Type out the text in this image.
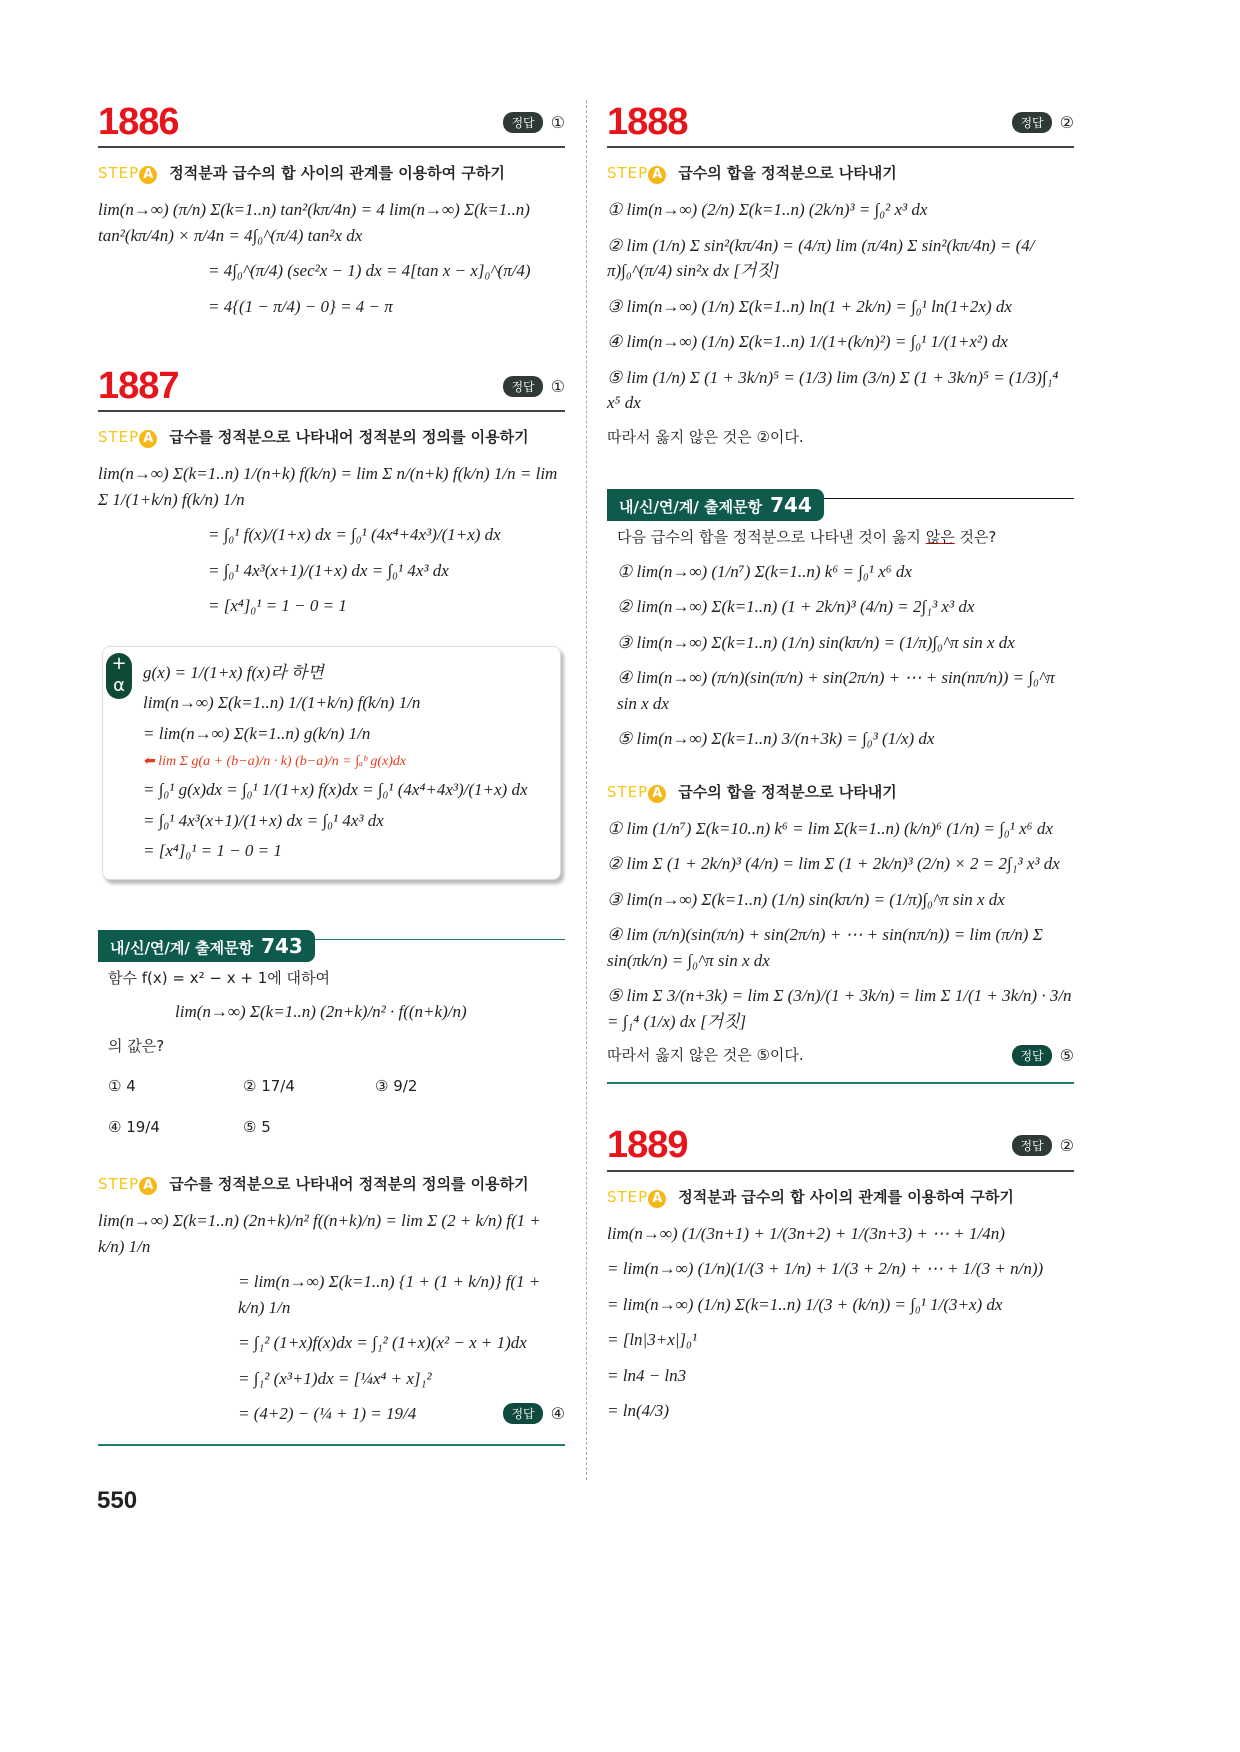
1886	정답	①
STEP A 정적분과 급수의 합 사이의 관계를 이용하여 구하기
lim(n→∞) (π/n) Σ(k=1..n) tan²(kπ/4n) = 4 lim(n→∞) Σ(k=1..n) tan²(kπ/4n) × π/4n = 4∫₀^(π/4) tan²x dx
= 4∫₀^(π/4) (sec²x − 1) dx = 4[tan x − x]₀^(π/4)
= 4{(1 − π/4) − 0} = 4 − π
1887	정답	①
STEP A 급수를 정적분으로 나타내어 정적분의 정의를 이용하기
lim(n→∞) Σ(k=1..n) 1/(n+k) f(k/n) = lim Σ n/(n+k) f(k/n) 1/n = lim Σ 1/(1+k/n) f(k/n) 1/n
= ∫₀¹ f(x)/(1+x) dx = ∫₀¹ (4x⁴+4x³)/(1+x) dx
= ∫₀¹ 4x³(x+1)/(1+x) dx = ∫₀¹ 4x³ dx
= [x⁴]₀¹ = 1 − 0 = 1
+
α
g(x) = 1/(1+x) f(x)라 하면
lim(n→∞) Σ(k=1..n) 1/(1+k/n) f(k/n) 1/n
= lim(n→∞) Σ(k=1..n) g(k/n) 1/n
⬅ lim Σ g(a + (b−a)/n · k) (b−a)/n = ∫ₐᵇ g(x)dx
= ∫₀¹ g(x)dx = ∫₀¹ 1/(1+x) f(x)dx = ∫₀¹ (4x⁴+4x³)/(1+x) dx
= ∫₀¹ 4x³(x+1)/(1+x) dx = ∫₀¹ 4x³ dx
= [x⁴]₀¹ = 1 − 0 = 1
내/신/연/계/ 출제문항 743
함수 f(x) = x² − x + 1에 대하여
lim(n→∞) Σ(k=1..n) (2n+k)/n² · f((n+k)/n)
의 값은?
① 4	② 17/4	③ 9/2
④ 19/4	⑤ 5
STEP A 급수를 정적분으로 나타내어 정적분의 정의를 이용하기
lim(n→∞) Σ(k=1..n) (2n+k)/n² f((n+k)/n) = lim Σ (2 + k/n) f(1 + k/n) 1/n
= lim(n→∞) Σ(k=1..n) {1 + (1 + k/n)} f(1 + k/n) 1/n
= ∫₁² (1+x)f(x)dx = ∫₁² (1+x)(x² − x + 1)dx
= ∫₁² (x³+1)dx = [¼x⁴ + x]₁²
= (4+2) − (¼ + 1) = 19/4	정답	④
550
1888	정답	②
STEP A 급수의 합을 정적분으로 나타내기
① lim(n→∞) (2/n) Σ(k=1..n) (2k/n)³ = ∫₀² x³ dx
② lim (1/n) Σ sin²(kπ/4n) = (4/π) lim (π/4n) Σ sin²(kπ/4n) = (4/π)∫₀^(π/4) sin²x dx [거짓]
③ lim(n→∞) (1/n) Σ(k=1..n) ln(1 + 2k/n) = ∫₀¹ ln(1+2x) dx
④ lim(n→∞) (1/n) Σ(k=1..n) 1/(1+(k/n)²) = ∫₀¹ 1/(1+x²) dx
⑤ lim (1/n) Σ (1 + 3k/n)⁵ = (1/3) lim (3/n) Σ (1 + 3k/n)⁵ = (1/3)∫₁⁴ x⁵ dx
따라서 옳지 않은 것은 ②이다.
내/신/연/계/ 출제문항 744
다음 급수의 합을 정적분으로 나타낸 것이 옳지 않은 것은?
① lim(n→∞) (1/n⁷) Σ(k=1..n) k⁶ = ∫₀¹ x⁶ dx
② lim(n→∞) Σ(k=1..n) (1 + 2k/n)³ (4/n) = 2∫₁³ x³ dx
③ lim(n→∞) Σ(k=1..n) (1/n) sin(kπ/n) = (1/π)∫₀^π sin x dx
④ lim(n→∞) (π/n)(sin(π/n) + sin(2π/n) + ⋯ + sin(nπ/n)) = ∫₀^π sin x dx
⑤ lim(n→∞) Σ(k=1..n) 3/(n+3k) = ∫₀³ (1/x) dx
STEP A 급수의 합을 정적분으로 나타내기
① lim (1/n⁷) Σ(k=10..n) k⁶ = lim Σ(k=1..n) (k/n)⁶ (1/n) = ∫₀¹ x⁶ dx
② lim Σ (1 + 2k/n)³ (4/n) = lim Σ (1 + 2k/n)³ (2/n) × 2 = 2∫₁³ x³ dx
③ lim(n→∞) Σ(k=1..n) (1/n) sin(kπ/n) = (1/π)∫₀^π sin x dx
④ lim (π/n)(sin(π/n) + sin(2π/n) + ⋯ + sin(nπ/n)) = lim (π/n) Σ sin(πk/n) = ∫₀^π sin x dx
⑤ lim Σ 3/(n+3k) = lim Σ (3/n)/(1 + 3k/n) = lim Σ 1/(1 + 3k/n) · 3/n = ∫₁⁴ (1/x) dx [거짓]
따라서 옳지 않은 것은 ⑤이다.	정답	⑤
1889	정답	②
STEP A 정적분과 급수의 합 사이의 관계를 이용하여 구하기
lim(n→∞) (1/(3n+1) + 1/(3n+2) + 1/(3n+3) + ⋯ + 1/4n)
= lim(n→∞) (1/n)(1/(3 + 1/n) + 1/(3 + 2/n) + ⋯ + 1/(3 + n/n))
= lim(n→∞) (1/n) Σ(k=1..n) 1/(3 + (k/n)) = ∫₀¹ 1/(3+x) dx
= [ln|3+x|]₀¹
= ln4 − ln3
= ln(4/3)
